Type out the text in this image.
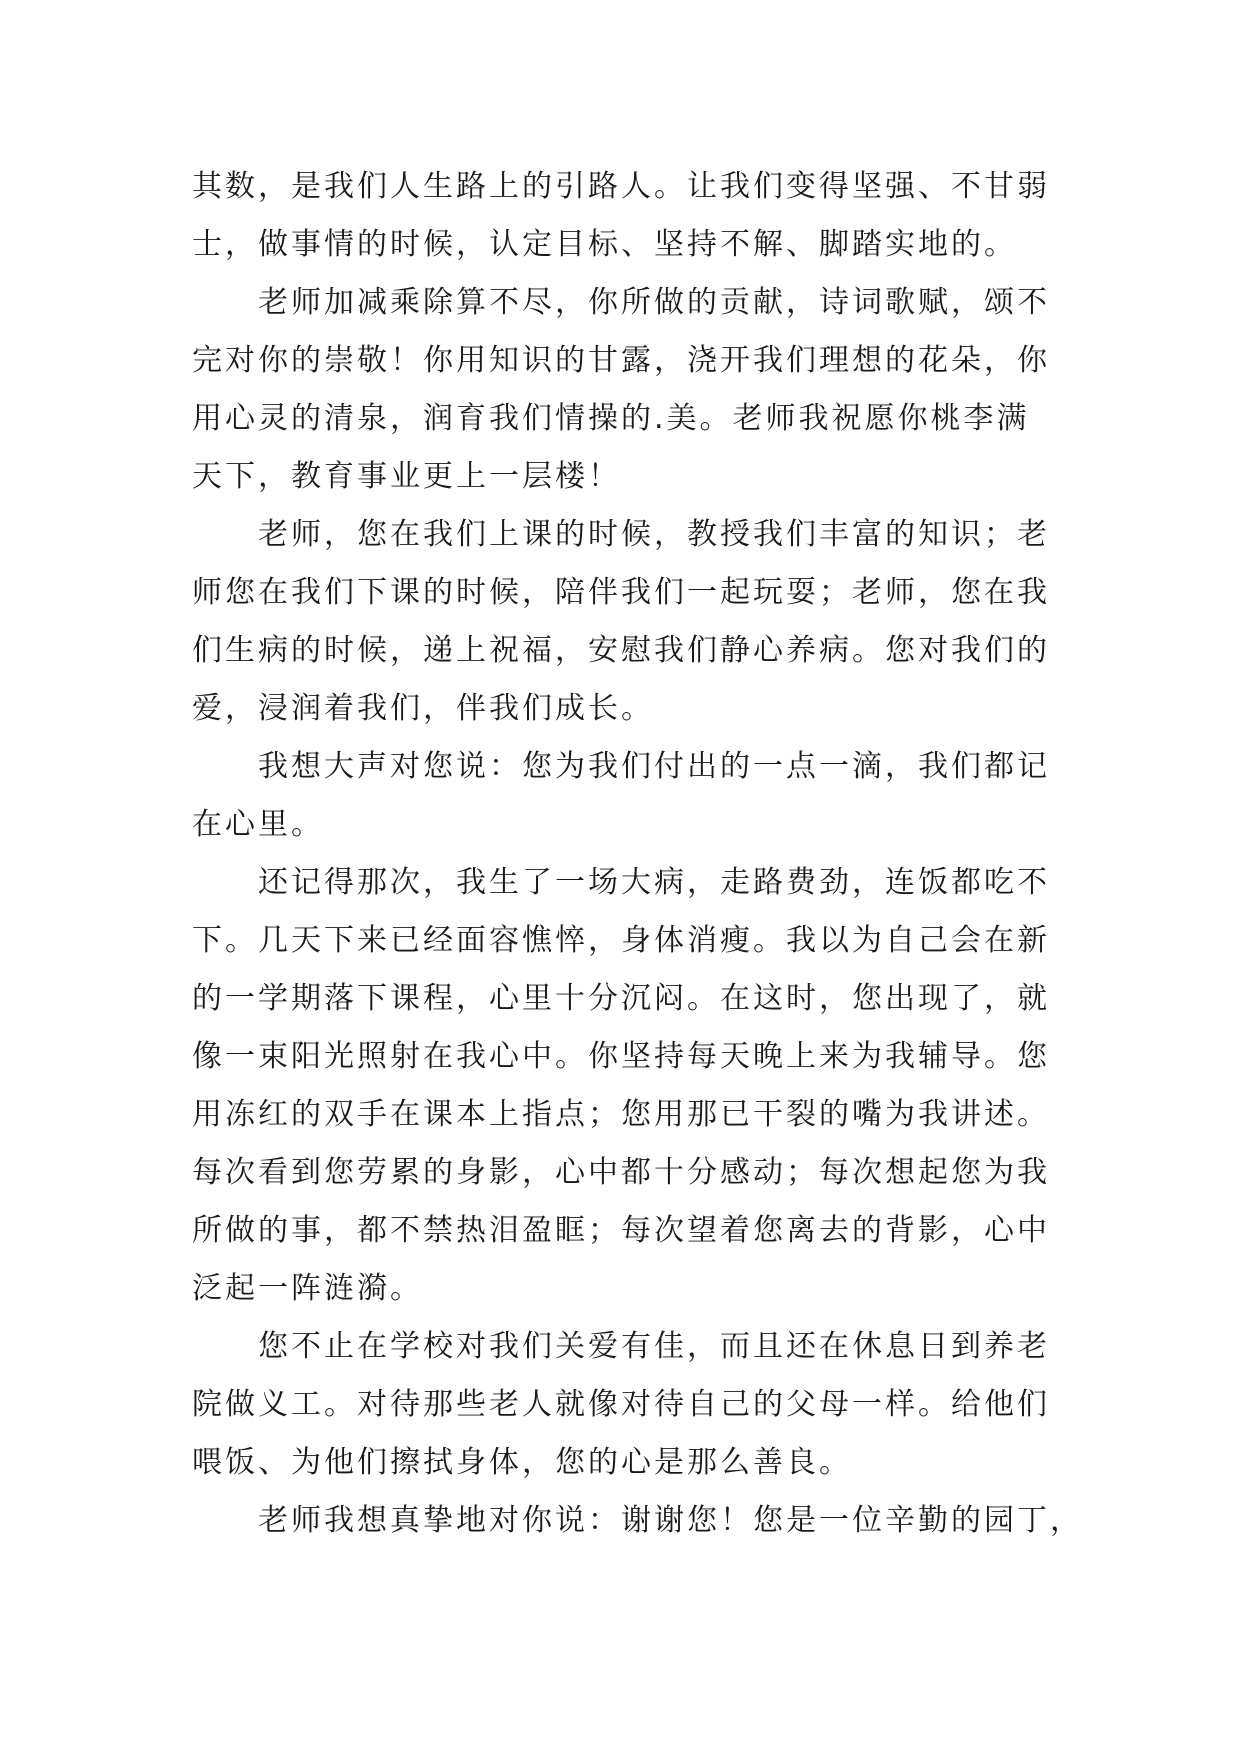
其数，是我们人生路上的引路人。让我们变得坚强、不甘弱
士，做事情的时候，认定目标、坚持不解、脚踏实地的。
老师加减乘除算不尽，你所做的贡献，诗词歌赋，颂不
完对你的崇敬！你用知识的甘露，浇开我们理想的花朵，你
用心灵的清泉，润育我们情操的.美。老师我祝愿你桃李满
天下，教育事业更上一层楼！
老师，您在我们上课的时候，教授我们丰富的知识；老
师您在我们下课的时候，陪伴我们一起玩耍；老师，您在我
们生病的时候，递上祝福，安慰我们静心养病。您对我们的
爱，浸润着我们，伴我们成长。
我想大声对您说：您为我们付出的一点一滴，我们都记
在心里。
还记得那次，我生了一场大病，走路费劲，连饭都吃不
下。几天下来已经面容憔悴，身体消瘦。我以为自己会在新
的一学期落下课程，心里十分沉闷。在这时，您出现了，就
像一束阳光照射在我心中。你坚持每天晚上来为我辅导。您
用冻红的双手在课本上指点；您用那已干裂的嘴为我讲述。
每次看到您劳累的身影，心中都十分感动；每次想起您为我
所做的事，都不禁热泪盈眶；每次望着您离去的背影，心中
泛起一阵涟漪。
您不止在学校对我们关爱有佳，而且还在休息日到养老
院做义工。对待那些老人就像对待自己的父母一样。给他们
喂饭、为他们擦拭身体，您的心是那么善良。
老师我想真挚地对你说：谢谢您！您是一位辛勤的园丁，
